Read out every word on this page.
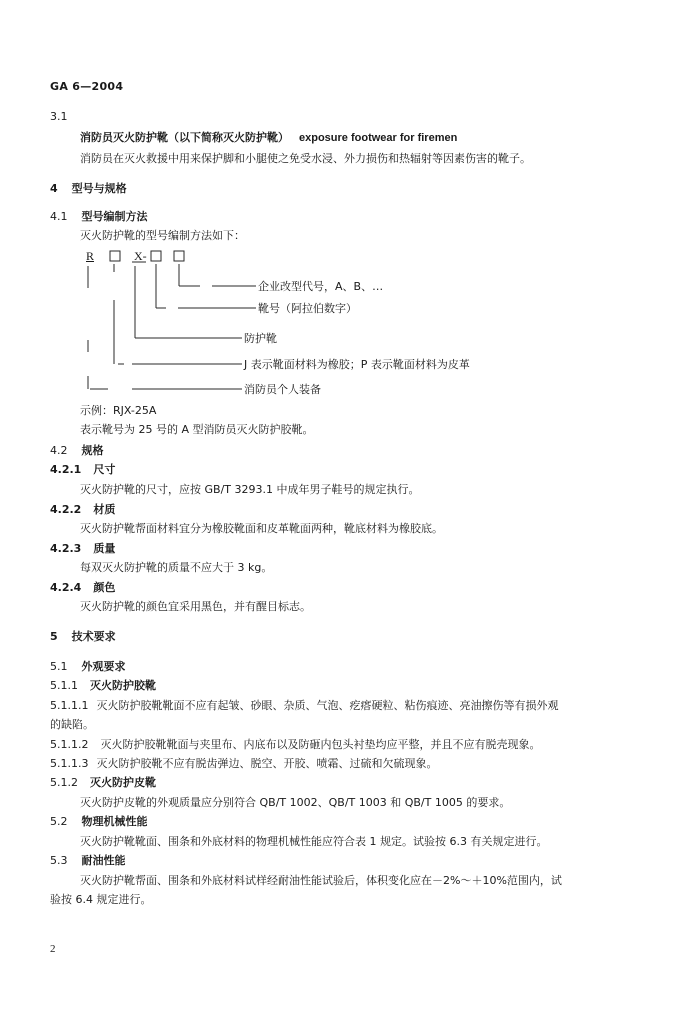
GA 6—2004
3.1
消防员灭火防护靴（以下简称灭火防护靴） exposure footwear for firemen
消防员在灭火救援中用来保护脚和小腿使之免受水浸、外力损伤和热辐射等因素伤害的靴子。
4 型号与规格
4.1 型号编制方法
灭火防护靴的型号编制方法如下：
R	X-
企业改型代号，A、B、…
靴号（阿拉伯数字）
防护靴
J 表示靴面材料为橡胶；P 表示靴面材料为皮革
消防员个人装备
示例：RJX-25A
表示靴号为 25 号的 A 型消防员灭火防护胶靴。
4.2 规格
4.2.1 尺寸
灭火防护靴的尺寸，应按 GB/T 3293.1 中成年男子鞋号的规定执行。
4.2.2 材质
灭火防护靴帮面材料宜分为橡胶靴面和皮革靴面两种，靴底材料为橡胶底。
4.2.3 质量
每双灭火防护靴的质量不应大于 3 kg。
4.2.4 颜色
灭火防护靴的颜色宜采用黑色，并有醒目标志。
5 技术要求
5.1 外观要求
5.1.1 灭火防护胶靴
5.1.1.1 灭火防护胶靴靴面不应有起皱、砂眼、杂质、气泡、疙瘩硬粒、粘伤痕迹、亮油擦伤等有损外观
的缺陷。
5.1.1.2 灭火防护胶靴靴面与夹里布、内底布以及防砸内包头衬垫均应平整，并且不应有脱壳现象。
5.1.1.3 灭火防护胶靴不应有脱齿弹边、脱空、开胶、喷霜、过硫和欠硫现象。
5.1.2 灭火防护皮靴
灭火防护皮靴的外观质量应分别符合 QB/T 1002、QB/T 1003 和 QB/T 1005 的要求。
5.2 物理机械性能
灭火防护靴靴面、围条和外底材料的物理机械性能应符合表 1 规定。试验按 6.3 有关规定进行。
5.3 耐油性能
灭火防护靴帮面、围条和外底材料试样经耐油性能试验后，体积变化应在－2%～＋10%范围内，试
验按 6.4 规定进行。
2
